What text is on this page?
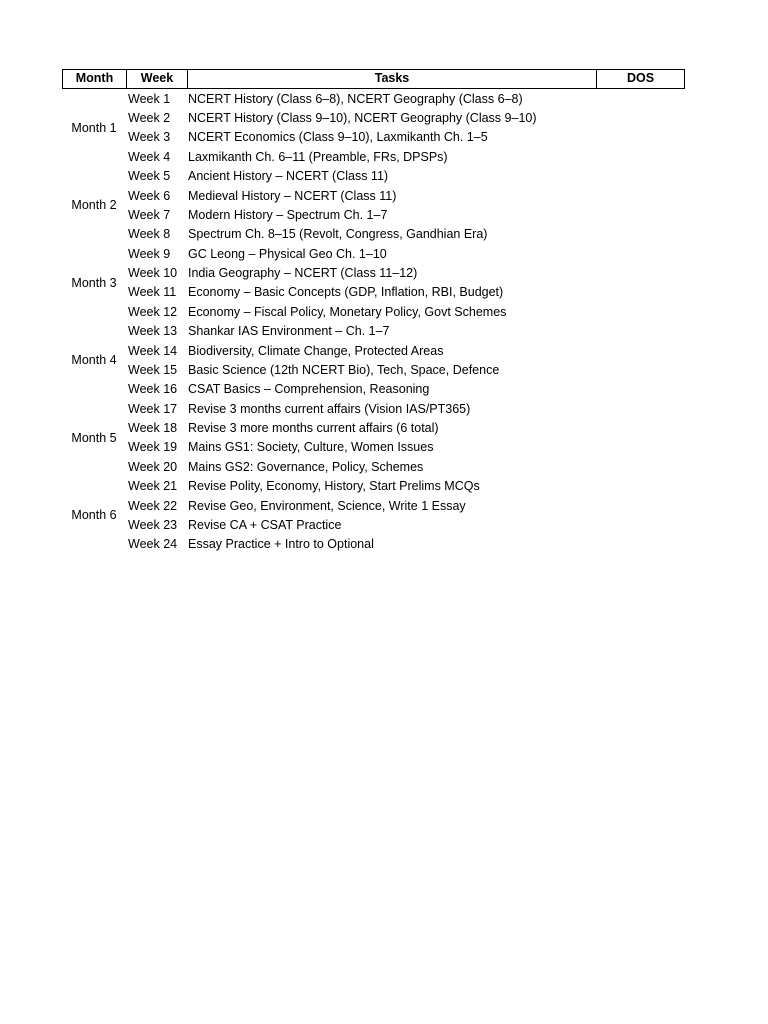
Month	Week	Tasks	DOS
Month 1
Week 1	NCERT History (Class 6–8), NCERT Geography (Class 6–8)
Week 2	NCERT History (Class 9–10), NCERT Geography (Class 9–10)
Week 3	NCERT Economics (Class 9–10), Laxmikanth Ch. 1–5
Week 4	Laxmikanth Ch. 6–11 (Preamble, FRs, DPSPs)
Month 2
Week 5	Ancient History – NCERT (Class 11)
Week 6	Medieval History – NCERT (Class 11)
Week 7	Modern History – Spectrum Ch. 1–7
Week 8	Spectrum Ch. 8–15 (Revolt, Congress, Gandhian Era)
Month 3
Week 9	GC Leong – Physical Geo Ch. 1–10
Week 10 India Geography – NCERT (Class 11–12)
Week 11 Economy – Basic Concepts (GDP, Inflation, RBI, Budget)
Week 12 Economy – Fiscal Policy, Monetary Policy, Govt Schemes
Month 4
Week 13 Shankar IAS Environment – Ch. 1–7
Week 14 Biodiversity, Climate Change, Protected Areas
Week 15 Basic Science (12th NCERT Bio), Tech, Space, Defence
Week 16 CSAT Basics – Comprehension, Reasoning
Month 5
Week 17 Revise 3 months current affairs (Vision IAS/PT365)
Week 18 Revise 3 more months current affairs (6 total)
Week 19 Mains GS1: Society, Culture, Women Issues
Week 20 Mains GS2: Governance, Policy, Schemes
Month 6
Week 21 Revise Polity, Economy, History, Start Prelims MCQs
Week 22 Revise Geo, Environment, Science, Write 1 Essay
Week 23 Revise CA + CSAT Practice
Week 24 Essay Practice + Intro to Optional
